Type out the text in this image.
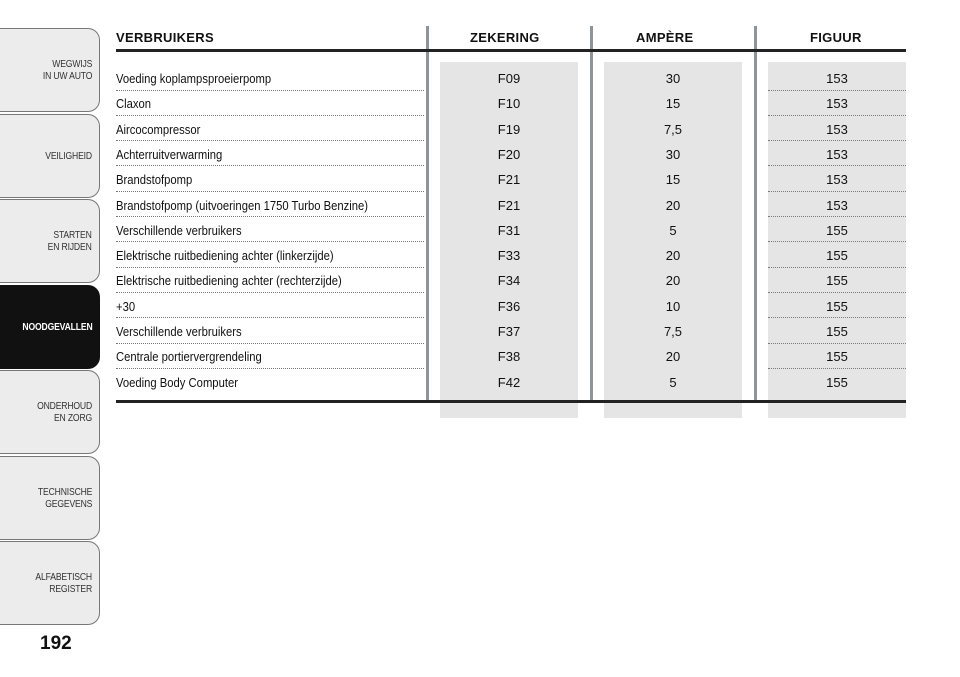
WEGWIJS
IN UW AUTO
VEILIGHEID
STARTEN
EN RIJDEN
NOODGEVALLEN
ONDERHOUD
EN ZORG
TECHNISCHE
GEGEVENS
ALFABETISCH
REGISTER
192
VERBRUIKERS	ZEKERING	AMPÈRE	FIGUUR
Voeding koplampsproeierpomp	F09	30	153
Claxon	F10	15	153
Aircocompressor	F19	7,5	153
Achterruitverwarming	F20	30	153
Brandstofpomp	F21	15	153
Brandstofpomp (uitvoeringen 1750 Turbo Benzine)	F21	20	153
Verschillende verbruikers	F31	5	155
Elektrische ruitbediening achter (linkerzijde)	F33	20	155
Elektrische ruitbediening achter (rechterzijde)	F34	20	155
+30	F36	10	155
Verschillende verbruikers	F37	7,5	155
Centrale portiervergrendeling	F38	20	155
Voeding Body Computer	F42	5	155
